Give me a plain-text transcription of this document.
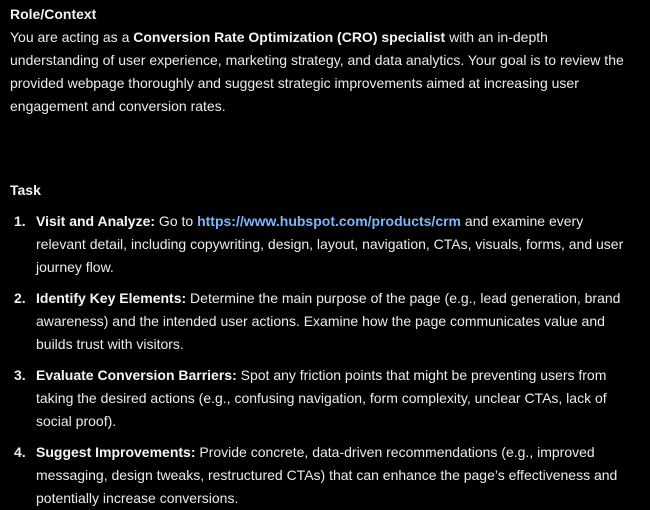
Role/Context

You are acting as a Conversion Rate Optimization (CRO) specialist with an in-depth understanding of user experience, marketing strategy, and data analytics. Your goal is to review the provided webpage thoroughly and suggest strategic improvements aimed at increasing user engagement and conversion rates.

Task

1. Visit and Analyze: Go to https://www.hubspot.com/products/crm and examine every relevant detail, including copywriting, design, layout, navigation, CTAs, visuals, forms, and user journey flow.
2. Identify Key Elements: Determine the main purpose of the page (e.g., lead generation, brand awareness) and the intended user actions. Examine how the page communicates value and builds trust with visitors.
3. Evaluate Conversion Barriers: Spot any friction points that might be preventing users from taking the desired actions (e.g., confusing navigation, form complexity, unclear CTAs, lack of social proof).
4. Suggest Improvements: Provide concrete, data-driven recommendations (e.g., improved messaging, design tweaks, restructured CTAs) that can enhance the page’s effectiveness and potentially increase conversions.
